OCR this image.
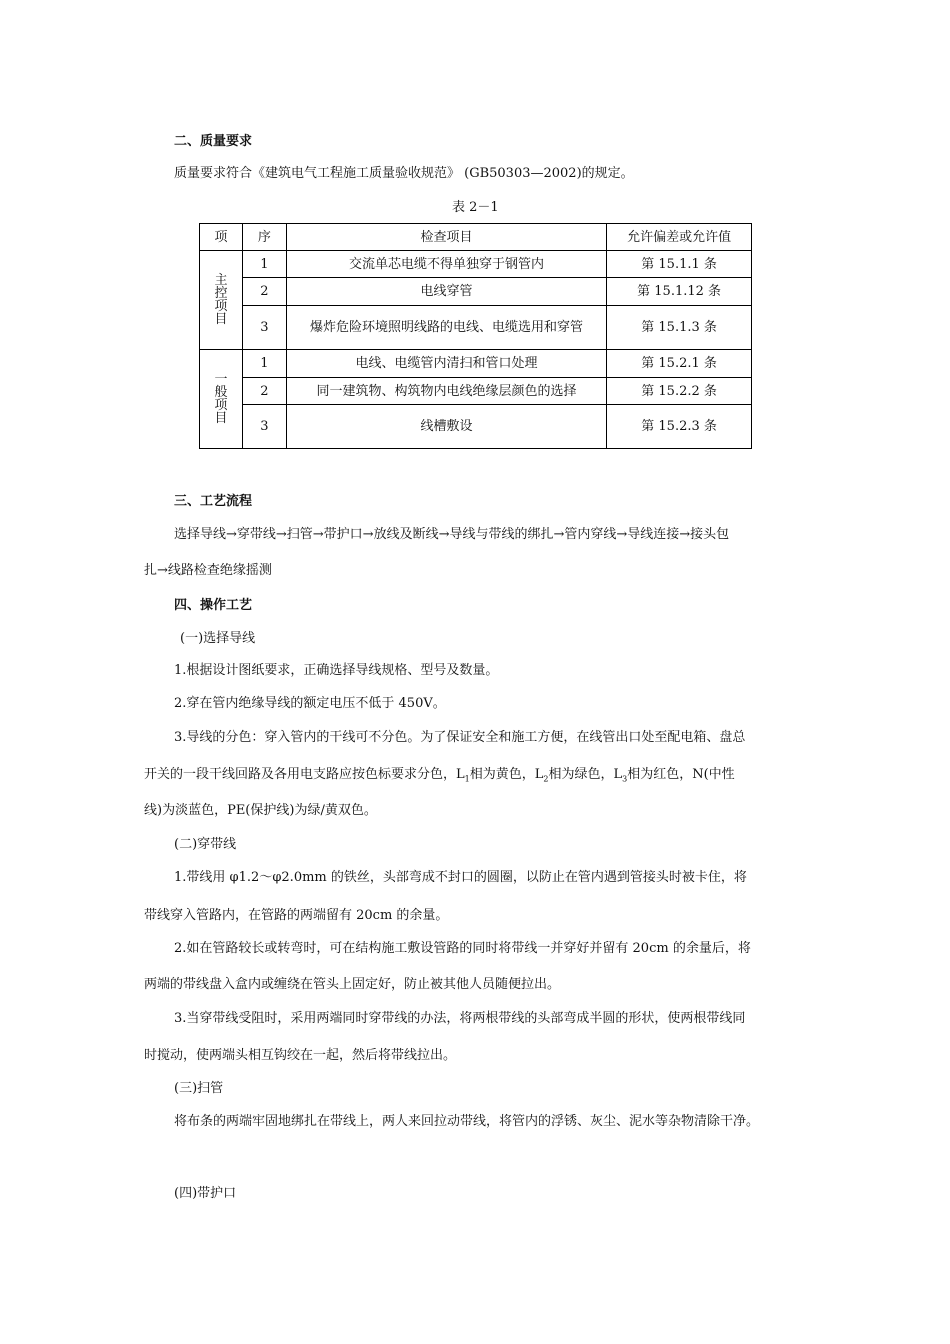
二、质量要求
质量要求符合《建筑电气工程施工质量验收规范》 (GB50303—2002)的规定。
表 2－1
项	序	检查项目	允许偏差或允许值

主
控
项
目	1	交流单芯电缆不得单独穿于钢管内	第 15.1.1 条
	2	电线穿管	第 15.1.12 条
	3	爆炸危险环境照明线路的电线、电缆选用和穿管	第 15.1.3 条

一
般
项
目	1	电线、电缆管内清扫和管口处理	第 15.2.1 条
	2	同一建筑物、构筑物内电线绝缘层颜色的选择	第 15.2.2 条
	3	线槽敷设	第 15.2.3 条
三、工艺流程
选择导线→穿带线→扫管→带护口→放线及断线→导线与带线的绑扎→管内穿线→导线连接→接头包
扎→线路检查绝缘摇测
四、操作工艺
(一)选择导线
1.根据设计图纸要求，正确选择导线规格、型号及数量。
2.穿在管内绝缘导线的额定电压不低于 450V。
3.导线的分色：穿入管内的干线可不分色。为了保证安全和施工方便，在线管出口处至配电箱、盘总
开关的一段干线回路及各用电支路应按色标要求分色，$L_1$相为黄色，$L_2$相为绿色，$L_3$相为红色，N(中性
线)为淡蓝色，PE(保护线)为绿/黄双色。
(二)穿带线
1.带线用 φ1.2～φ2.0mm 的铁丝，头部弯成不封口的圆圈，以防止在管内遇到管接头时被卡住，将
带线穿入管路内，在管路的两端留有 20cm 的余量。
2.如在管路较长或转弯时，可在结构施工敷设管路的同时将带线一并穿好并留有 20cm 的余量后，将
两端的带线盘入盒内或缠绕在管头上固定好，防止被其他人员随便拉出。
3.当穿带线受阻时，采用两端同时穿带线的办法，将两根带线的头部弯成半圆的形状，使两根带线同
时搅动，使两端头相互钩绞在一起，然后将带线拉出。
(三)扫管
将布条的两端牢固地绑扎在带线上，两人来回拉动带线，将管内的浮锈、灰尘、泥水等杂物清除干净。
(四)带护口
